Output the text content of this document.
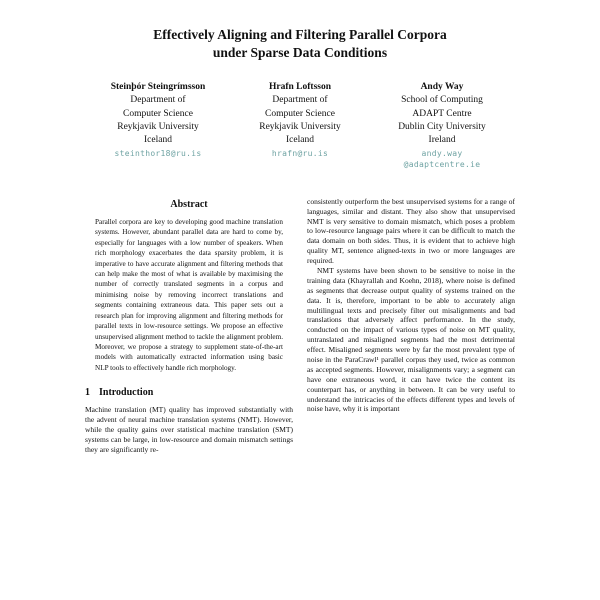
Effectively Aligning and Filtering Parallel Corpora
under Sparse Data Conditions
Steinþór Steingrímsson
Department of
Computer Science
Reykjavik University
Iceland
steinthor18@ru.is
Hrafn Loftsson
Department of
Computer Science
Reykjavik University
Iceland
hrafn@ru.is
Andy Way
School of Computing
ADAPT Centre
Dublin City University
Ireland
andy.way
@adaptcentre.ie
Abstract
Parallel corpora are key to developing good machine translation systems. However, abundant parallel data are hard to come by, especially for languages with a low number of speakers. When rich morphology exacerbates the data sparsity problem, it is imperative to have accurate alignment and filtering methods that can help make the most of what is available by maximising the number of correctly translated segments in a corpus and minimising noise by removing incorrect translations and segments containing extraneous data. This paper sets out a research plan for improving alignment and filtering methods for parallel texts in low-resource settings. We propose an effective unsupervised alignment method to tackle the alignment problem. Moreover, we propose a strategy to supplement state-of-the-art models with automatically extracted information using basic NLP tools to effectively handle rich morphology.
1 Introduction
Machine translation (MT) quality has improved substantially with the advent of neural machine translation systems (NMT). However, while the quality gains over statistical machine translation (SMT) systems can be large, in low-resource and domain mismatch settings they are significantly re-
consistently outperform the best unsupervised systems for a range of languages, similar and distant. They also show that unsupervised NMT is very sensitive to domain mismatch, which poses a problem to low-resource language pairs where it can be difficult to match the data domain on both sides. Thus, it is evident that to achieve high quality MT, sentence aligned-texts in two or more languages are required.
NMT systems have been shown to be sensitive to noise in the training data (Khayrallah and Koehn, 2018), where noise is defined as segments that decrease output quality of systems trained on the data. It is, therefore, important to be able to accurately align multilingual texts and precisely filter out misalignments and bad translations that adversely affect performance. In the study, conducted on the impact of various types of noise on MT quality, untranslated and misaligned segments had the most detrimental effect. Misaligned segments were by far the most prevalent type of noise in the ParaCrawl¹ parallel corpus they used, twice as common as accepted segments. However, misalignments vary; a segment can have one extraneous word, it can have twice the content its counterpart has, or anything in between. It can be very useful to understand the intricacies of the effects different types and levels of noise have, why it is important
